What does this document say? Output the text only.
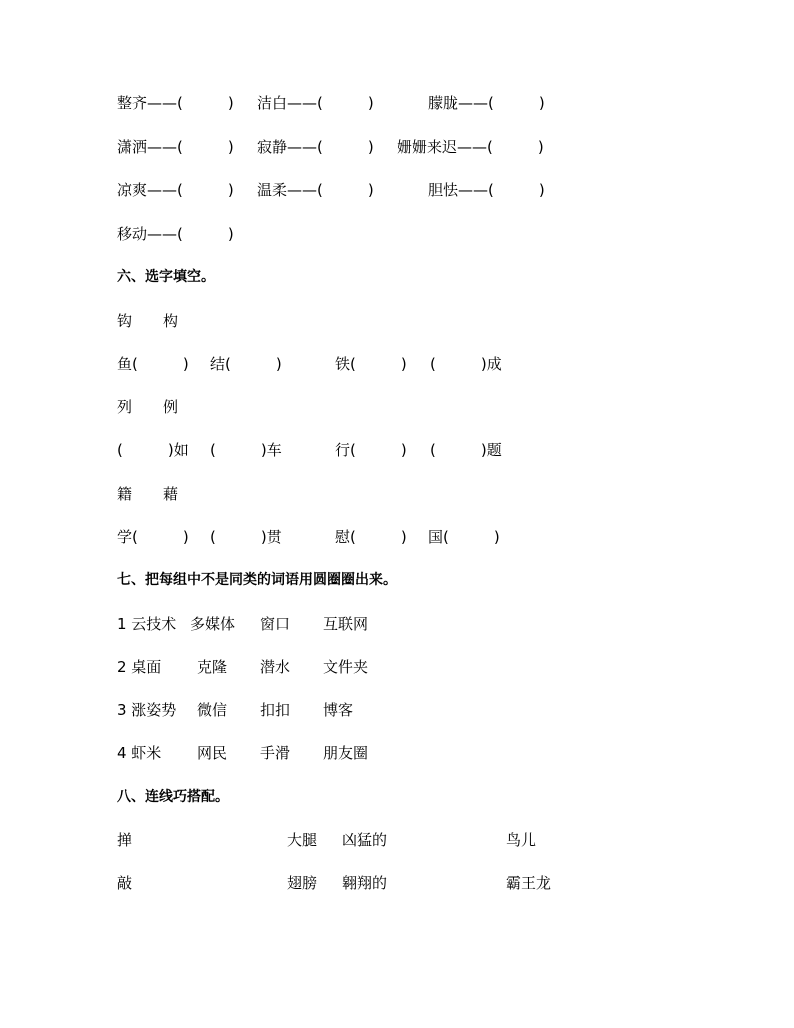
整齐——(　　　) 洁白——(　　　)	朦胧——(　　　)
潇洒——(　　　) 寂静——(　　　) 姗姗来迟——(　　　)
凉爽——(　　　) 温柔——(　　　)	胆怯——(　　　)
移动——(　　　)
六、选字填空。
钩 构
鱼(　　　) 结(　　　)	铁(　　　) (　　　)成
列 例
(　　　)如 (　　　)车	行(　　　) (　　　)题
籍 藉
学(　　　) (　　　)贯	慰(　　　) 国(　　　)
七、把每组中不是同类的词语用圆圈圈出来。
1 云技术 多媒体 窗口 互联网
2 桌面 克隆 潜水 文件夹
3 涨姿势 微信 扣扣 博客
4 虾米 网民 手滑 朋友圈
八、连线巧搭配。
掸	大腿 凶猛的	鸟儿
敲	翅膀 翱翔的	霸王龙
